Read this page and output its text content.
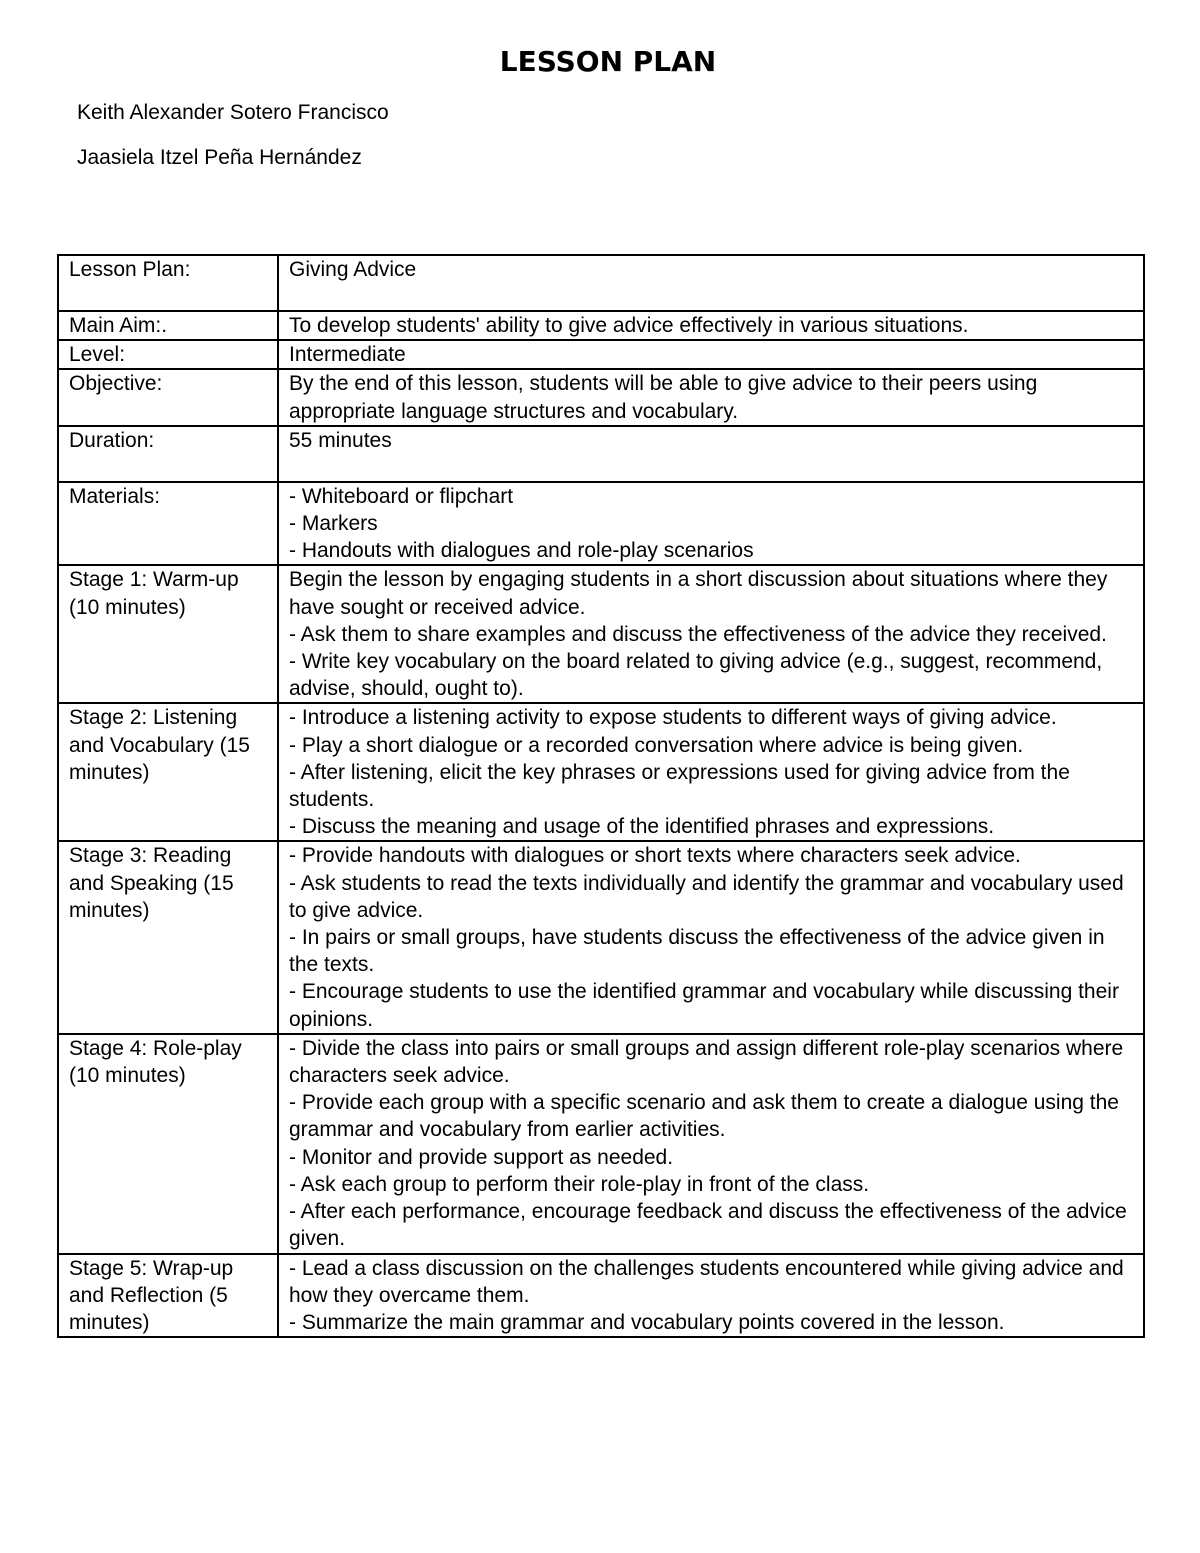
LESSON PLAN
Keith Alexander Sotero Francisco
Jaasiela Itzel Peña Hernández
Lesson Plan:	Giving Advice

Main Aim:.	To develop students' ability to give advice effectively in various situations.

Level:	Intermediate

Objective:	By the end of this lesson, students will be able to give advice to their peers using appropriate language structures and vocabulary.

Duration:	55 minutes

Materials:	- Whiteboard or flipchart
- Markers
- Handouts with dialogues and role-play scenarios

Stage 1: Warm-up (10 minutes)	Begin the lesson by engaging students in a short discussion about situations where they have sought or received advice.
- Ask them to share examples and discuss the effectiveness of the advice they received.
- Write key vocabulary on the board related to giving advice (e.g., suggest, recommend, advise, should, ought to).

Stage 2: Listening and Vocabulary (15 minutes)	- Introduce a listening activity to expose students to different ways of giving advice.
- Play a short dialogue or a recorded conversation where advice is being given.
- After listening, elicit the key phrases or expressions used for giving advice from the students.
- Discuss the meaning and usage of the identified phrases and expressions.

Stage 3: Reading and Speaking (15 minutes)	- Provide handouts with dialogues or short texts where characters seek advice.
- Ask students to read the texts individually and identify the grammar and vocabulary used to give advice.
- In pairs or small groups, have students discuss the effectiveness of the advice given in the texts.
- Encourage students to use the identified grammar and vocabulary while discussing their opinions.

Stage 4: Role-play (10 minutes)	- Divide the class into pairs or small groups and assign different role-play scenarios where characters seek advice.
- Provide each group with a specific scenario and ask them to create a dialogue using the grammar and vocabulary from earlier activities.
- Monitor and provide support as needed.
- Ask each group to perform their role-play in front of the class.
- After each performance, encourage feedback and discuss the effectiveness of the advice given.

Stage 5: Wrap-up and Reflection (5 minutes)	- Lead a class discussion on the challenges students encountered while giving advice and how they overcame them.
- Summarize the main grammar and vocabulary points covered in the lesson.
